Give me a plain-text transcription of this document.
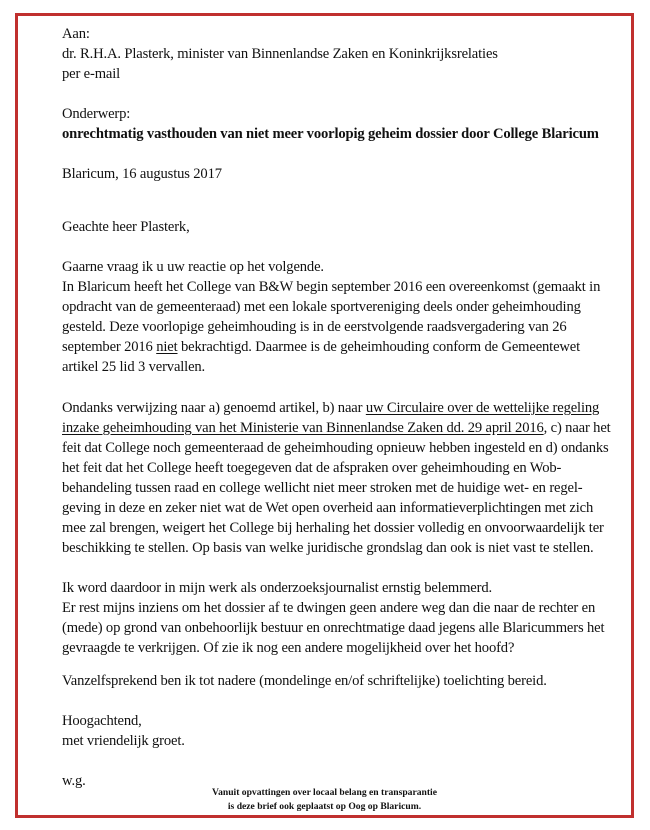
Aan:
dr. R.H.A. Plasterk, minister van Binnenlandse Zaken en Koninkrijksrelaties
per e-mail
Onderwerp:
onrechtmatig vasthouden van niet meer voorlopig geheim dossier door College Blaricum
Blaricum, 16 augustus 2017
Geachte heer Plasterk,
Gaarne vraag ik u uw reactie op het volgende.
In Blaricum heeft het College van B&W begin september 2016 een overeenkomst (gemaakt in
opdracht van de gemeenteraad) met een lokale sportvereniging deels onder geheimhouding
gesteld. Deze voorlopige geheimhouding is in de eerstvolgende raadsvergadering van 26
september 2016 niet bekrachtigd. Daarmee is de geheimhouding conform de Gemeentewet
artikel 25 lid 3 vervallen.
Ondanks verwijzing naar a) genoemd artikel, b) naar uw Circulaire over de wettelijke regeling
inzake geheimhouding van het Ministerie van Binnenlandse Zaken dd. 29 april 2016, c) naar het
feit dat College noch gemeenteraad de geheimhouding opnieuw hebben ingesteld en d) ondanks
het feit dat het College heeft toegegeven dat de afspraken over geheimhouding en Wob-
behandeling tussen raad en college wellicht niet meer stroken met de huidige wet- en regel-
geving in deze en zeker niet wat de Wet open overheid aan informatieverplichtingen met zich
mee zal brengen, weigert het College bij herhaling het dossier volledig en onvoorwaardelijk ter
beschikking te stellen. Op basis van welke juridische grondslag dan ook is niet vast te stellen.
Ik word daardoor in mijn werk als onderzoeksjournalist ernstig belemmerd.
Er rest mijns inziens om het dossier af te dwingen geen andere weg dan die naar de rechter en
(mede) op grond van onbehoorlijk bestuur en onrechtmatige daad jegens alle Blaricummers het
gevraagde te verkrijgen. Of zie ik nog een andere mogelijkheid over het hoofd?
Vanzelfsprekend ben ik tot nadere (mondelinge en/of schriftelijke) toelichting bereid.
Hoogachtend,
met vriendelijk groet.
w.g.
Vanuit opvattingen over locaal belang en transparantie
is deze brief ook geplaatst op Oog op Blaricum.
